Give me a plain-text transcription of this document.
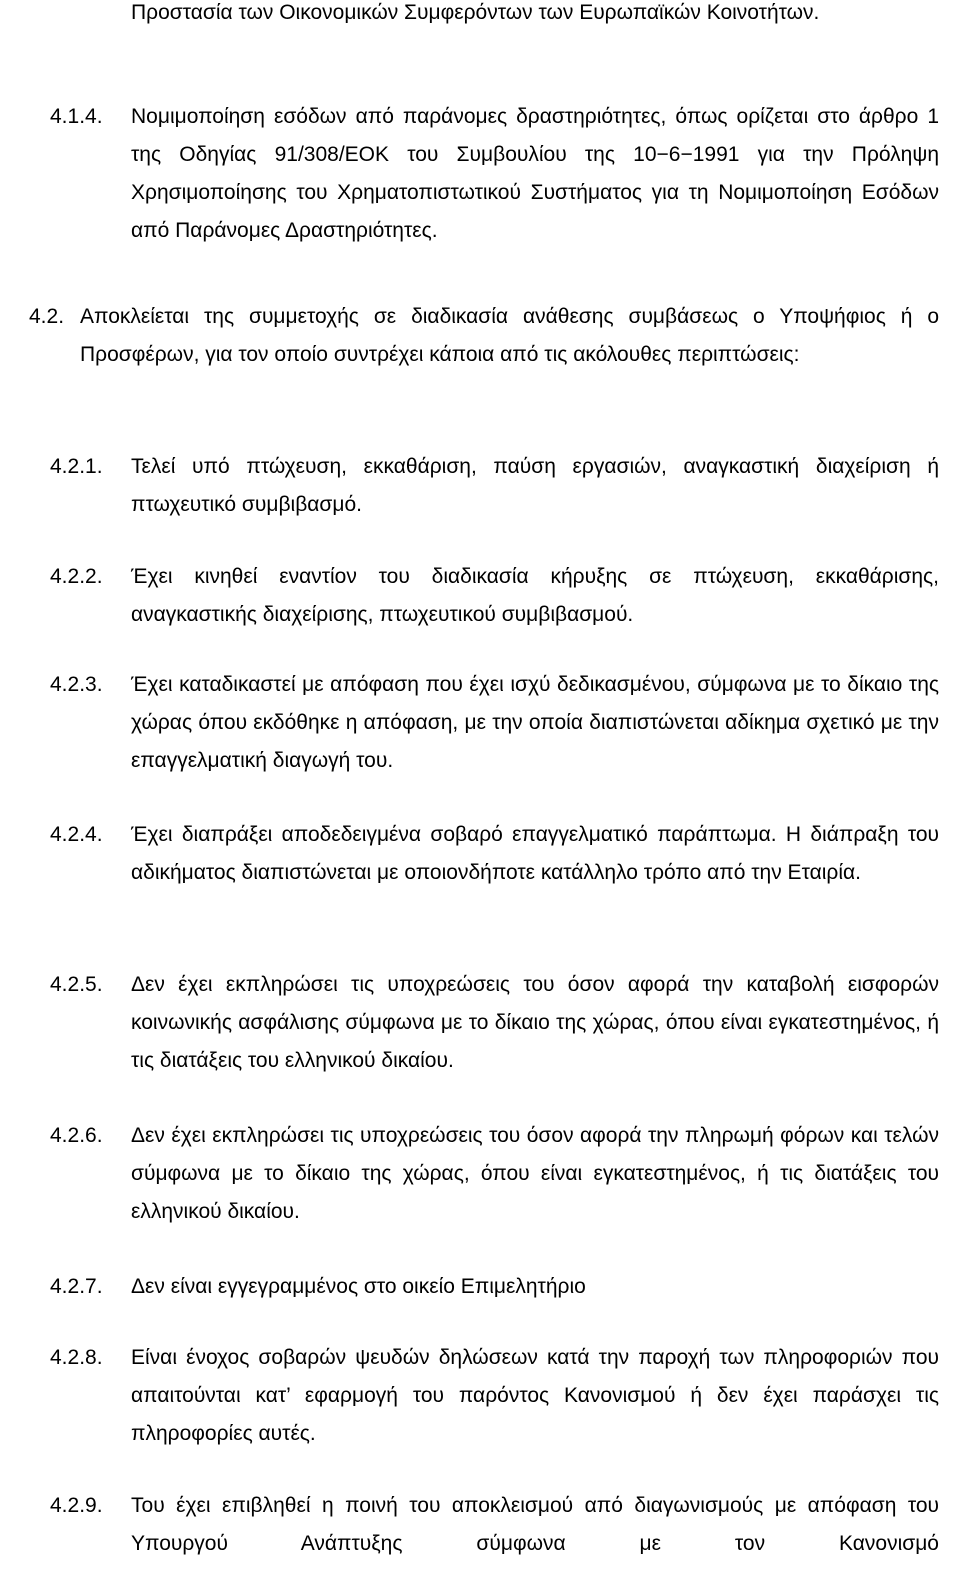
Προστασία των Οικονομικών Συμφερόντων των Ευρωπαϊκών Κοινοτήτων.
4.1.4. Νομιμοποίηση εσόδων από παράνομες δραστηριότητες, όπως ορίζεται στο άρθρο 1 της Οδηγίας 91/308/ΕΟΚ του Συμβουλίου της 10−6−1991 για την Πρόληψη Χρησιμοποίησης του Χρηματοπιστωτικού Συστήματος για τη Νομιμοποίηση Εσόδων από Παράνομες Δραστηριότητες.
4.2. Αποκλείεται της συμμετοχής σε διαδικασία ανάθεσης συμβάσεως ο Υποψήφιος ή ο Προσφέρων, για τον οποίο συντρέχει κάποια από τις ακόλουθες περιπτώσεις:
4.2.1. Τελεί υπό πτώχευση, εκκαθάριση, παύση εργασιών, αναγκαστική διαχείριση ή πτωχευτικό συμβιβασμό.
4.2.2. Έχει κινηθεί εναντίον του διαδικασία κήρυξης σε πτώχευση, εκκαθάρισης, αναγκαστικής διαχείρισης, πτωχευτικού συμβιβασμού.
4.2.3. Έχει καταδικαστεί με απόφαση που έχει ισχύ δεδικασμένου, σύμφωνα με το δίκαιο της χώρας όπου εκδόθηκε η απόφαση, με την οποία διαπιστώνεται αδίκημα σχετικό με την επαγγελματική διαγωγή του.
4.2.4. Έχει διαπράξει αποδεδειγμένα σοβαρό επαγγελματικό παράπτωμα. Η διάπραξη του αδικήματος διαπιστώνεται με οποιονδήποτε κατάλληλο τρόπο από την Εταιρία.
4.2.5. Δεν έχει εκπληρώσει τις υποχρεώσεις του όσον αφορά την καταβολή εισφορών κοινωνικής ασφάλισης σύμφωνα με το δίκαιο της χώρας, όπου είναι εγκατεστημένος, ή τις διατάξεις του ελληνικού δικαίου.
4.2.6. Δεν έχει εκπληρώσει τις υποχρεώσεις του όσον αφορά την πληρωμή φόρων και τελών σύμφωνα με το δίκαιο της χώρας, όπου είναι εγκατεστημένος, ή τις διατάξεις του ελληνικού δικαίου.
4.2.7. Δεν είναι εγγεγραμμένος στο οικείο Επιμελητήριο
4.2.8. Είναι ένοχος σοβαρών ψευδών δηλώσεων κατά την παροχή των πληροφοριών που απαιτούνται κατ’ εφαρμογή του παρόντος Κανονισμού ή δεν έχει παράσχει τις πληροφορίες αυτές.
4.2.9. Του έχει επιβληθεί η ποινή του αποκλεισμού από διαγωνισμούς με απόφαση του Υπουργού Ανάπτυξης σύμφωνα με τον Κανονισμό
